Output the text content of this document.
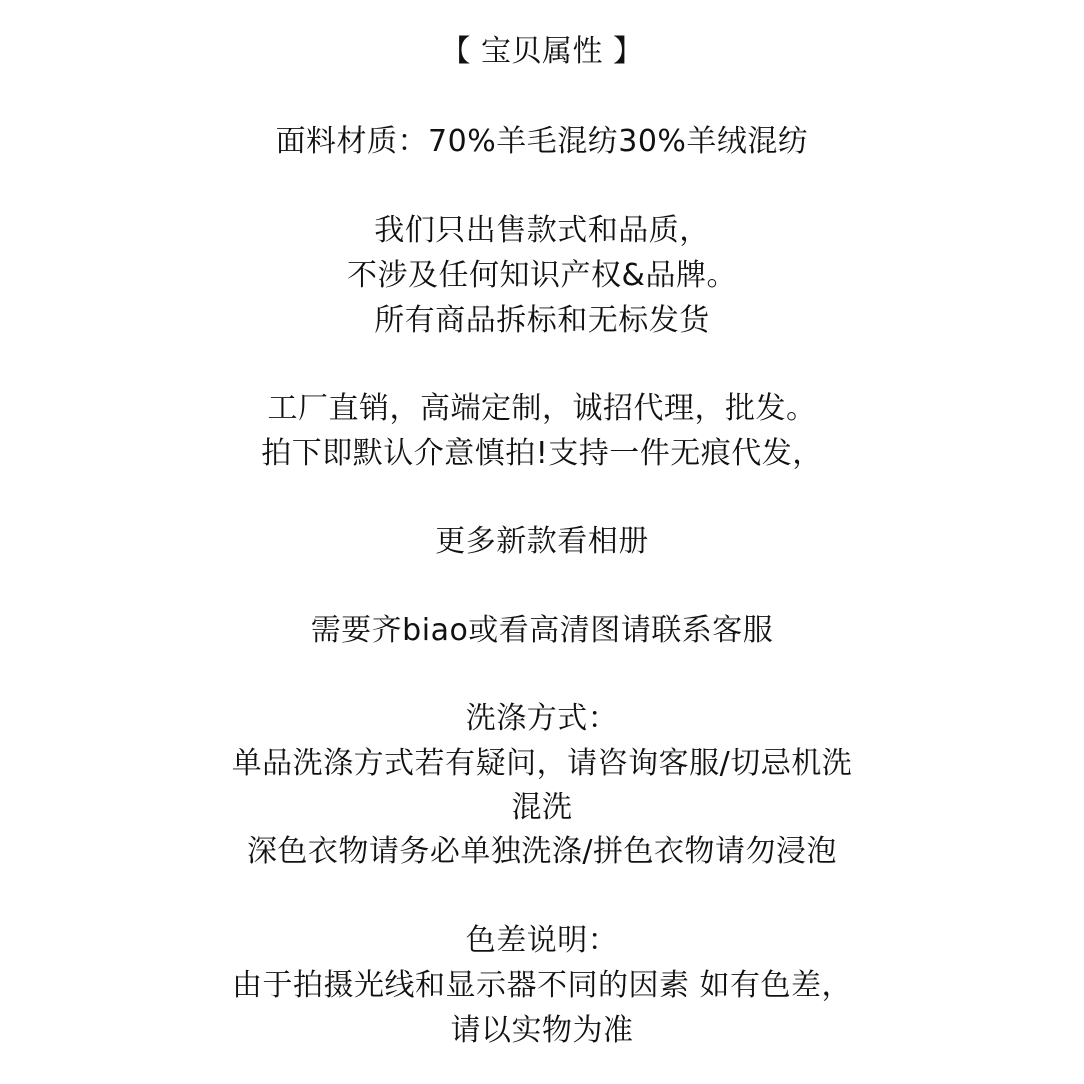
【 宝贝属性 】
面料材质：70%羊毛混纺30%羊绒混纺
我们只出售款式和品质，
不涉及任何知识产权&品牌。
所有商品拆标和无标发货
工厂直销，高端定制，诚招代理，批发。
拍下即默认介意慎拍!支持一件无痕代发，
更多新款看相册
需要齐biao或看高清图请联系客服
洗涤方式：
单品洗涤方式若有疑问，请咨询客服/切忌机洗
混洗
深色衣物请务必单独洗涤/拼色衣物请勿浸泡
色差说明：
由于拍摄光线和显示器不同的因素 如有色差，
请以实物为准
